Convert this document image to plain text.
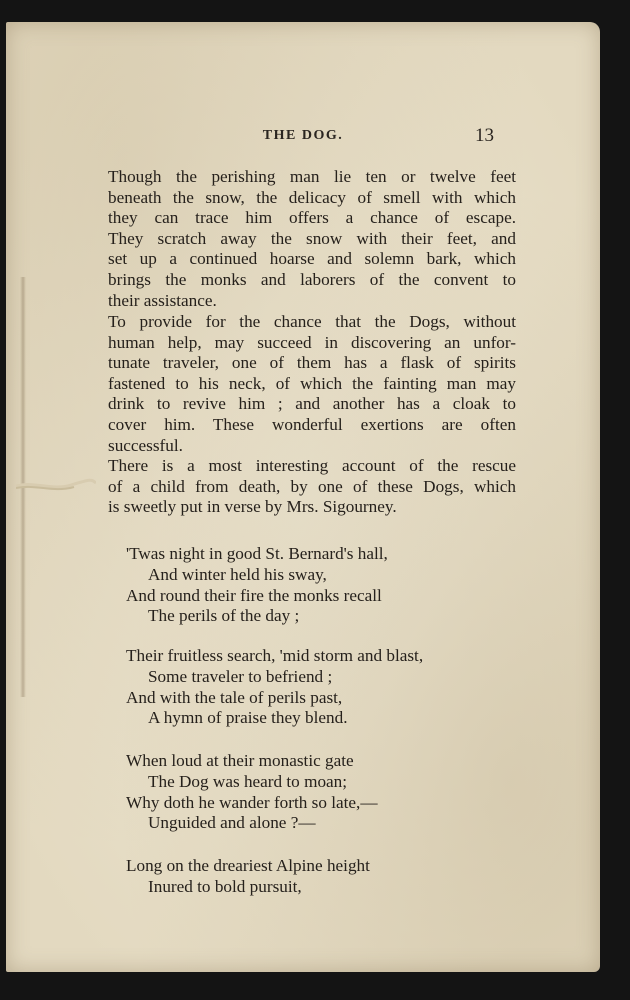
THE DOG.	13

Though the perishing man lie ten or twelve feet
beneath the snow, the delicacy of smell with which
they can trace him offers a chance of escape.
They scratch away the snow with their feet, and
set up a continued hoarse and solemn bark, which
brings the monks and laborers of the convent to
their assistance.

To provide for the chance that the Dogs, without
human help, may succeed in discovering an unfor-
tunate traveler, one of them has a flask of spirits
fastened to his neck, of which the fainting man may
drink to revive him ; and another has a cloak to
cover him. These wonderful exertions are often
successful.

There is a most interesting account of the rescue
of a child from death, by one of these Dogs, which
is sweetly put in verse by Mrs. Sigourney.

'Twas night in good St. Bernard's hall,
And winter held his sway,
And round their fire the monks recall
The perils of the day ;
Their fruitless search, 'mid storm and blast,
Some traveler to befriend ;
And with the tale of perils past,
A hymn of praise they blend.
When loud at their monastic gate
The Dog was heard to moan;
Why doth he wander forth so late,—
Unguided and alone ?—
Long on the dreariest Alpine height
Inured to bold pursuit,
